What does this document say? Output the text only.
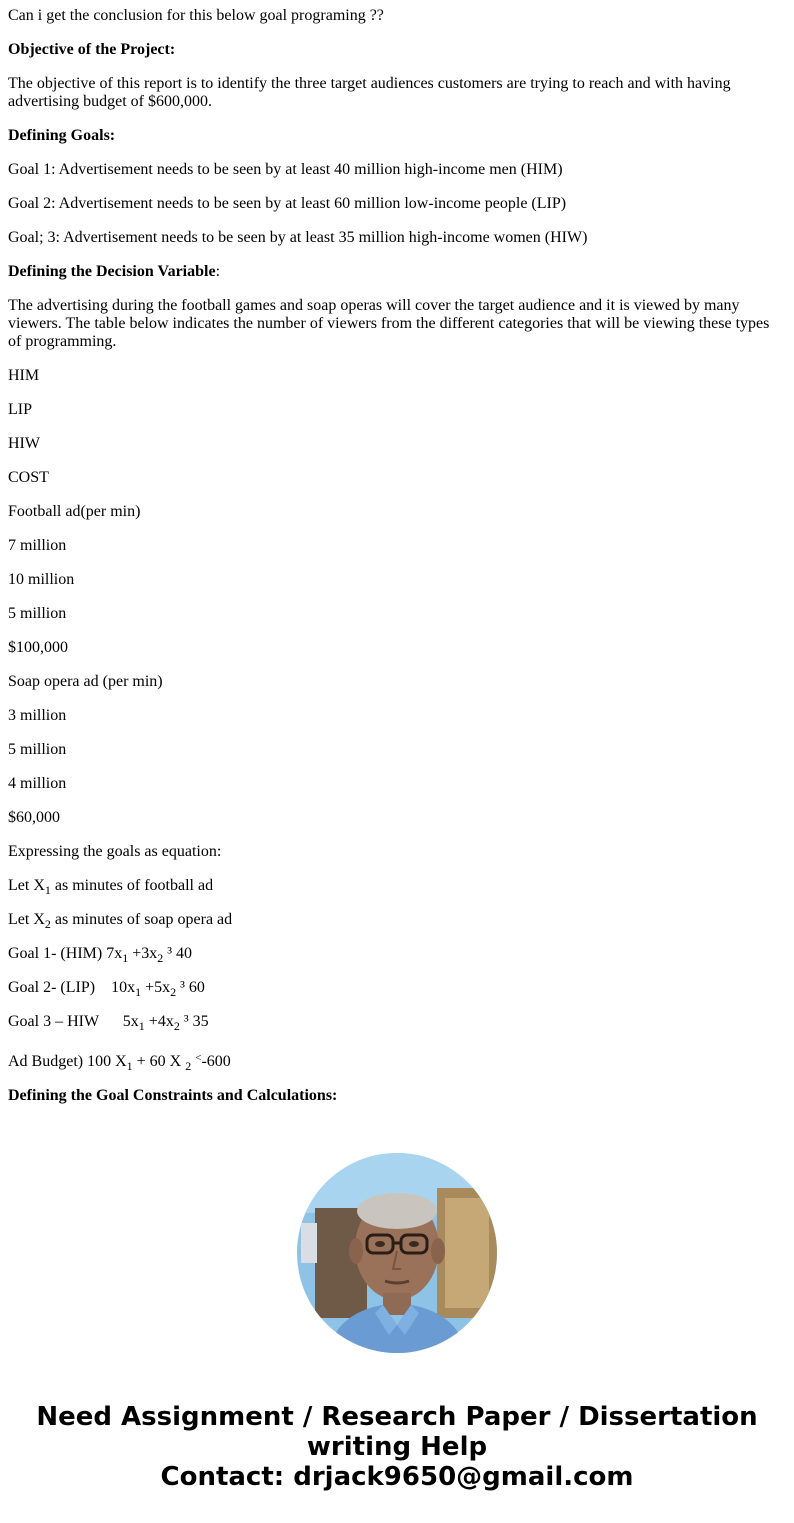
Can i get the conclusion for this below goal programing ??

Objective of the Project:

The objective of this report is to identify the three target audiences customers are trying to reach and with having advertising budget of $600,000.

Defining Goals:

Goal 1: Advertisement needs to be seen by at least 40 million high-income men (HIM)

Goal 2: Advertisement needs to be seen by at least 60 million low-income people (LIP)

Goal; 3: Advertisement needs to be seen by at least 35 million high-income women (HIW)

Defining the Decision Variable:

The advertising during the football games and soap operas will cover the target audience and it is viewed by many viewers. The table below indicates the number of viewers from the different categories that will be viewing these types of programming.

HIM

LIP

HIW

COST

Football ad(per min)

7 million

10 million

5 million

$100,000

Soap opera ad (per min)

3 million

5 million

4 million

$60,000

Expressing the goals as equation:

Let $X_1$ as minutes of football ad

Let $X_2$ as minutes of soap opera ad

Goal 1- (HIM) $7x_1 +3x_2$ ³ 40

Goal 2- (LIP)    $10x_1 +5x_2$ ³ 60

Goal 3 – HIW      $5x_1 +4x_2$ ³ 35

Ad Budget) 100 $X_1 + 60$ X $_2$ <-600

Defining the Goal Constraints and Calculations:

Need Assignment / Research Paper / Dissertation
writing Help
Contact: drjack9650@gmail.com
